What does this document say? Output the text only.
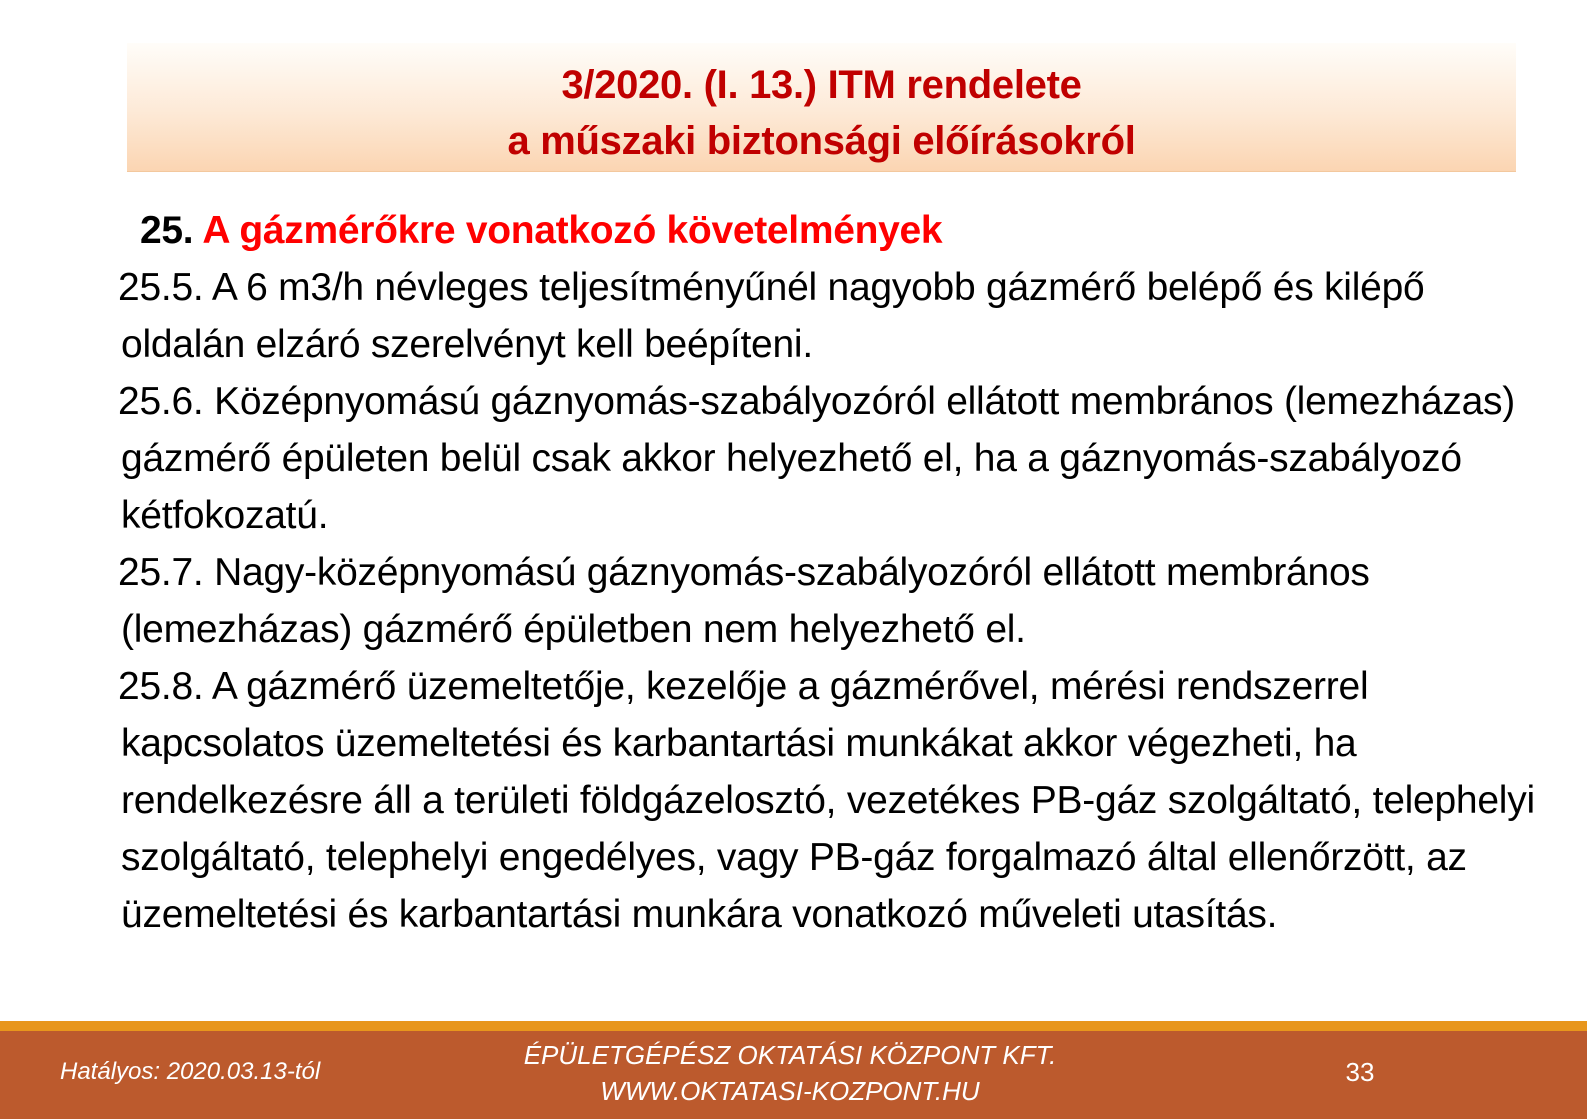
3/2020. (I. 13.) ITM rendelete
a műszaki biztonsági előírásokról
25. A gázmérőkre vonatkozó követelmények

25.5. A 6 m3/h névleges teljesítményűnél nagyobb gázmérő belépő és kilépő oldalán elzáró szerelvényt kell beépíteni.

25.6. Középnyomású gáznyomás-szabályozóról ellátott membrános (lemezházas) gázmérő épületen belül csak akkor helyezhető el, ha a gáznyomás-szabályozó kétfokozatú.

25.7. Nagy-középnyomású gáznyomás-szabályozóról ellátott membrános (lemezházas) gázmérő épületben nem helyezhető el.

25.8. A gázmérő üzemeltetője, kezelője a gázmérővel, mérési rendszerrel kapcsolatos üzemeltetési és karbantartási munkákat akkor végezheti, ha rendelkezésre áll a területi földgázelosztó, vezetékes PB-gáz szolgáltató, telephelyi szolgáltató, telephelyi engedélyes, vagy PB-gáz forgalmazó által ellenőrzött, az üzemeltetési és karbantartási munkára vonatkozó műveleti utasítás.

Hatályos: 2020.03.13-tól
ÉPÜLETGÉPÉSZ OKTATÁSI KÖZPONT KFT.
WWW.OKTATASI-KOZPONT.HU
33
